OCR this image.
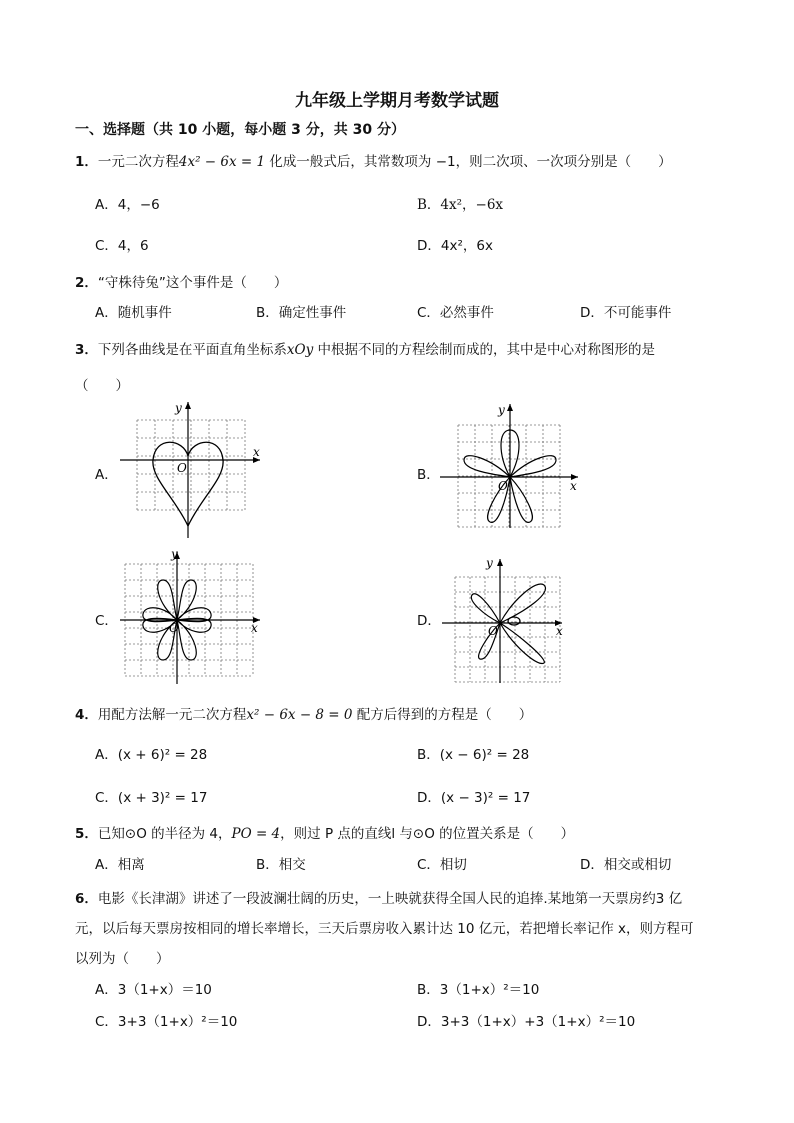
九年级上学期月考数学试题
一、选择题（共 10 小题，每小题 3 分，共 30 分）
1．一元二次方程4x² − 6x = 1 化成一般式后，其常数项为 −1，则二次项、一次项分别是（　　）
A．4，−6	B．4x²，−6x
C．4，6	D．4x²，6x
2．“守株待兔”这个事件是（　　）
A．随机事件	B．确定性事件	C．必然事件	D．不可能事件
3．下列各曲线是在平面直角坐标系xOy 中根据不同的方程绘制而成的，其中是中心对称图形的是
（　　）
A．	B．
C．	D．
x
y
O
x
y
O
x
y
O	x
y
O
4．用配方法解一元二次方程x² − 6x − 8 = 0 配方后得到的方程是（　　）
A．(x + 6)² = 28	B．(x − 6)² = 28
C．(x + 3)² = 17	D．(x − 3)² = 17
5．已知⊙O 的半径为 4，PO = 4，则过 P 点的直线l 与⊙O 的位置关系是（　　）
A．相离	B．相交	C．相切	D．相交或相切
6．电影《长津湖》讲述了一段波澜壮阔的历史，一上映就获得全国人民的追捧.某地第一天票房约3 亿
元，以后每天票房按相同的增长率增长，三天后票房收入累计达 10 亿元，若把增长率记作 x，则方程可
以列为（　　）
A．3（1+x）＝10	B．3（1+x）²＝10
C．3+3（1+x）²＝10	D．3+3（1+x）+3（1+x）²＝10
